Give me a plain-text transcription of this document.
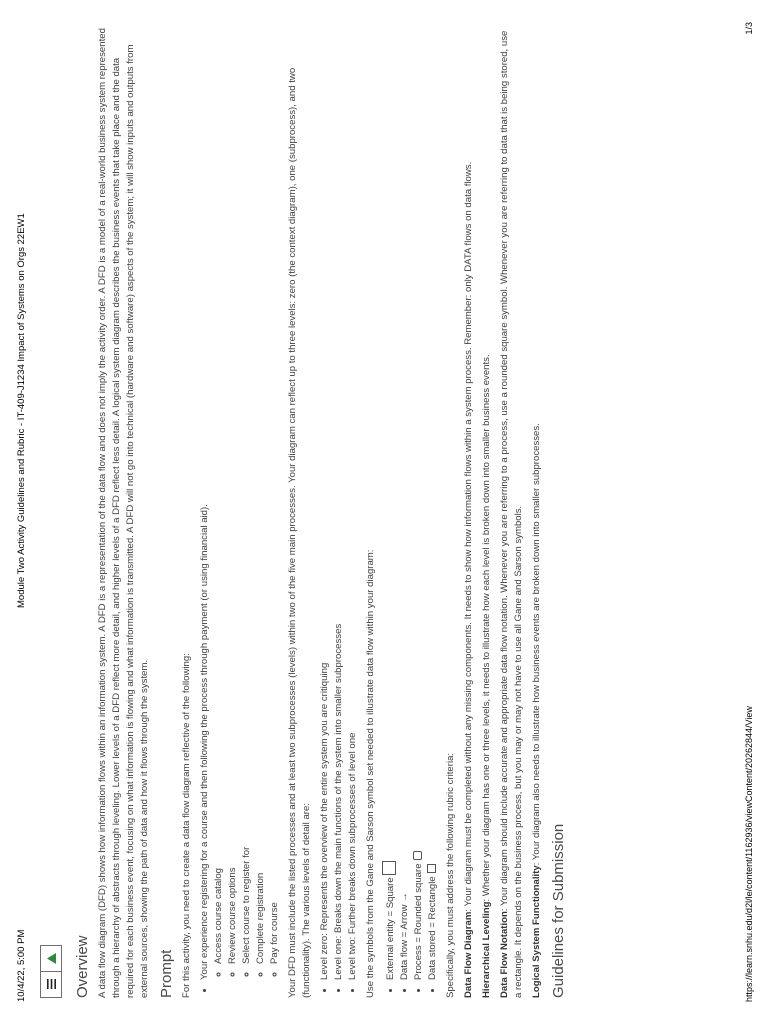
10/4/22, 5:00 PM
Module Two Activity Guidelines and Rubric - IT-409-J1234 Impact of Systems on Orgs 22EW1
Overview A data flow diagram (DFD) shows how information flows within an information system. A DFD is a representation of the data flow and does not imply the activity order. A DFD is a model of a real-world business system represented through a hierarchy of abstracts through leveling. Lower levels of a DFD reflect more detail, and higher levels of a DFD reflect less detail. A logical system diagram describes the business events that take place and the data required for each business event, focusing on what information is flowing and what information is transmitted. A DFD will not go into technical (hardware and software) aspects of the system; it will show inputs and outputs from external sources, showing the path of data and how it flows through the system. Prompt For this activity, you need to create a data flow diagram reflective of the following: • Your experience registering for a course and then following the process through payment (or using financial aid). ◦ Access course catalog ◦ Review course options ◦ Select course to register for ◦ Complete registration ◦ Pay for course Your DFD must include the listed processes and at least two subprocesses (levels) within two of the five main processes. Your diagram can reflect up to three levels: zero (the context diagram), one (subprocess), and two (functionality). The various levels of detail are: • Level zero: Represents the overview of the entire system you are critiquing • Level one: Breaks down the main functions of the system into smaller subprocesses • Level two: Further breaks down subprocesses of level one Use the symbols from the Gane and Sarson symbol set needed to illustrate data flow within your diagram: • External entity = Square • Data flow = Arrow → • Process = Rounded square • Data stored = Rectangle Specifically, you must address the following rubric criteria: Data Flow Diagram: Your diagram must be completed without any missing components. It needs to show how information flows within a system process. Remember: only DATA flows on data flows.

Hierarchical Leveling: Whether your diagram has one or three levels, it needs to illustrate how each level is broken down into smaller business events.

Data Flow Notation: Your diagram should include accurate and appropriate data flow notation. Whenever you are referring to a process, use a rounded square symbol. Whenever you are referring to data that is being stored, use a rectangle. It depends on the business process, but you may or may not have to use all Gane and Sarson symbols. Logical System Functionality: Your diagram also needs to illustrate how business events are broken down into smaller subprocesses.

Guidelines for Submission	https://learn.snhu.edu/d2l/le/content/1162936/viewContent/20262844/View
1/3
